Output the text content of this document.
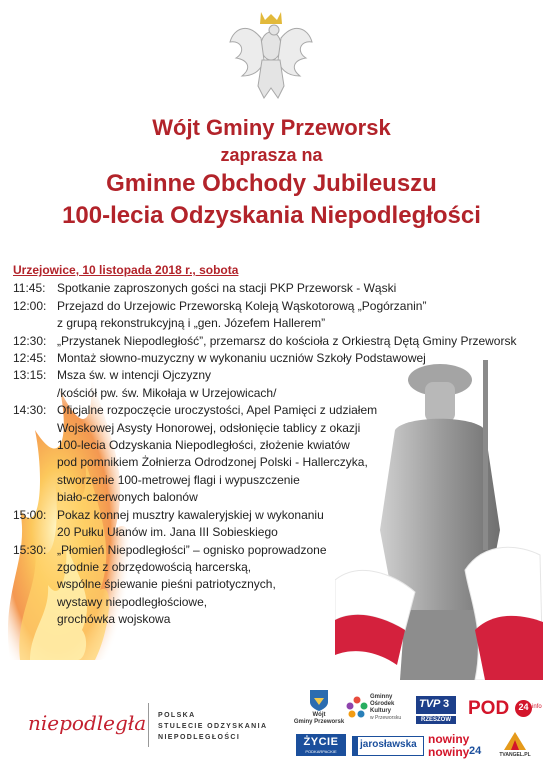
Wójt Gminy Przeworsk
zaprasza na
Gminne Obchody Jubileuszu
100-lecia Odzyskania Niepodległości
Urzejowice, 10 listopada 2018 r., sobota
11:45: Spotkanie zaproszonych gości na stacji PKP Przeworsk - Wąski
12:00: Przejazd do Urzejowic Przeworską Koleją Wąskotorową „Pogórzanin”
z grupą rekonstrukcyjną i „gen. Józefem Hallerem”
12:30: „Przystanek Niepodległość”, przemarsz do kościoła z Orkiestrą Dętą Gminy Przeworsk
12:45: Montaż słowno-muzyczny w wykonaniu uczniów Szkoły Podstawowej
13:15: Msza św. w intencji Ojczyzny
/kościół pw. św. Mikołaja w Urzejowicach/
14:30: Oficjalne rozpoczęcie uroczystości, Apel Pamięci z udziałem
Wojskowej Asysty Honorowej, odsłonięcie tablicy z okazji
100-lecia Odzyskania Niepodległości, złożenie kwiatów
pod pomnikiem Żołnierza Odrodzonej Polski - Hallerczyka,
stworzenie 100-metrowej flagi i wypuszczenie
biało-czerwonych balonów
15:00: Pokaz konnej musztry kawaleryjskiej w wykonaniu
20 Pułku Ułanów im. Jana III Sobieskiego
15:30: „Płomień Niepodległości” – ognisko poprowadzone
zgodnie z obrzędowością harcerską,
wspólne śpiewanie pieśni patriotycznych,
wystawy niepodległościowe,
grochówka wojskowa
niepodległa POLSKA
STULECIE ODZYSKANIA
NIEPODLEGŁOŚCI
Wójt
Gminy Przeworsk
Gminny
Ośrodek
Kultury
w Przeworsku
TVP 3
RZESZÓW
POD 24 info
ŻYCIE
PODKARPACKIE
jarosławska nowiny
nowiny 24	TVANGEL.PL
